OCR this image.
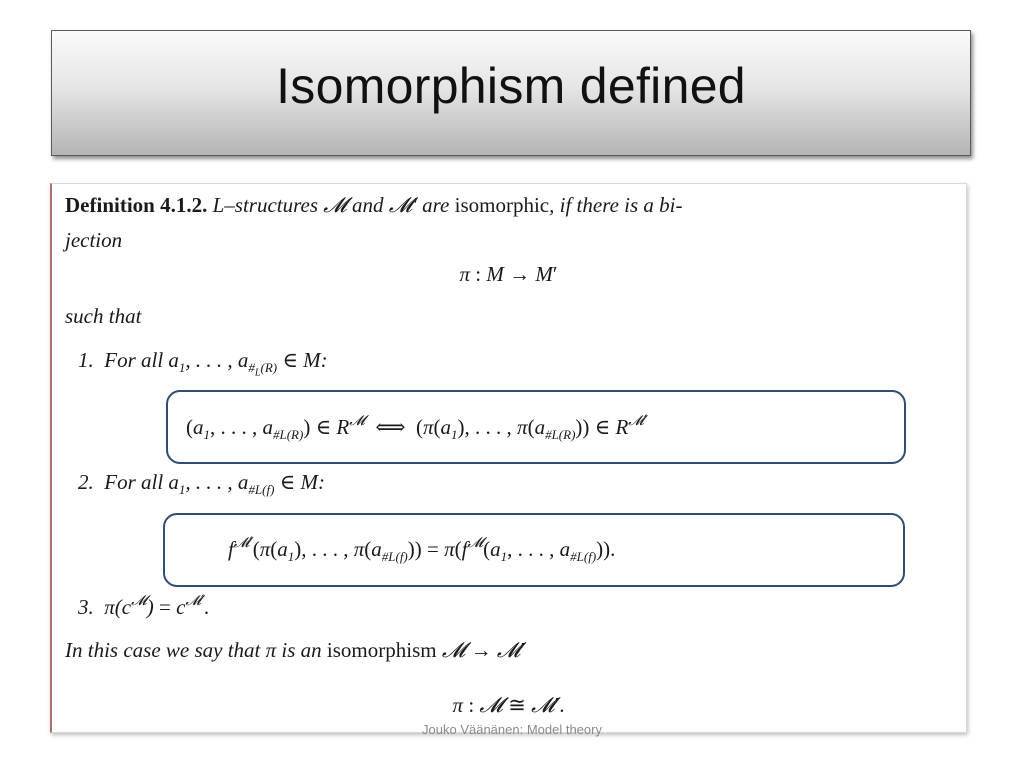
Isomorphism defined
Definition 4.1.2. L–structures 𝓜 and 𝓜′ are isomorphic, if there is a bi-
jection
π : M → M′
such that
1.  For all $a_1$, . . . , $a_{\#_L(R)}$ ∈ M:
($a_1$, . . . , $a_{\#L(R)}$) ∈ $R^𝓜$  ⟺  ($\pi(a_1)$, . . . , $\pi(a_{\#L(R)})$) ∈ $R^{𝓜'}$
2.  For all $a_1$, . . . , $a_{\#L(f)}$ ∈ M:
$f^{𝓜'}(\pi(a_1)$, . . . , $\pi(a_{\#L(f)})) = \pi(f^𝓜(a_1$, . . . , $a_{\#L(f)}$)).
3.  $\pi(c^𝓜) = c^{𝓜'}$.
In this case we say that π is an isomorphism 𝓜 → 𝓜′
π : 𝓜 ≅ 𝓜′.
Jouko Väänänen: Model theory
